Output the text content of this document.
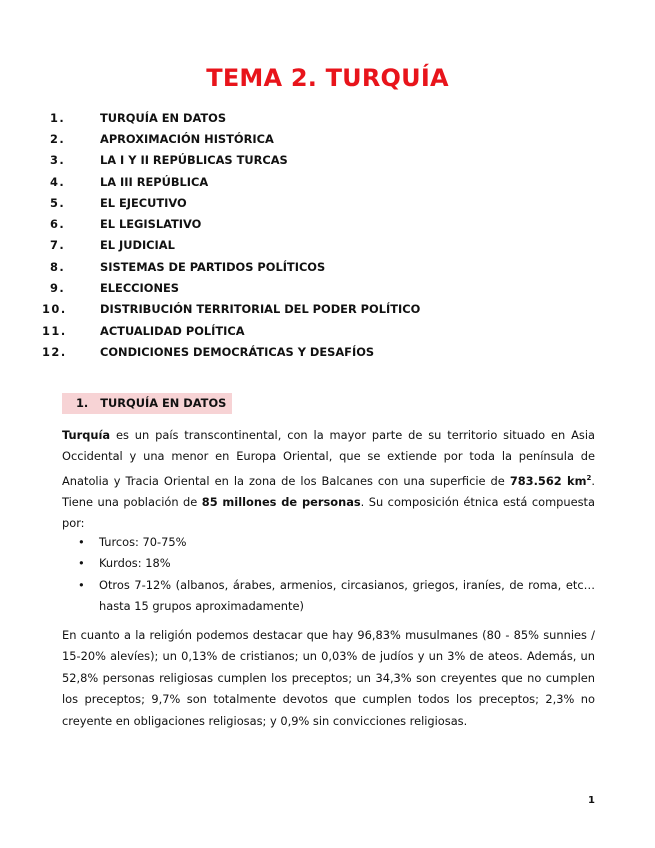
TEMA 2. TURQUÍA
1.	TURQUÍA EN DATOS
2.	APROXIMACIÓN HISTÓRICA
3.	LA I Y II REPÚBLICAS TURCAS
4.	LA III REPÚBLICA
5.	EL EJECUTIVO
6.	EL LEGISLATIVO
7.	EL JUDICIAL
8.	SISTEMAS DE PARTIDOS POLÍTICOS
9.	ELECCIONES
10.	DISTRIBUCIÓN TERRITORIAL DEL PODER POLÍTICO
11.	ACTUALIDAD POLÍTICA
12.	CONDICIONES DEMOCRÁTICAS Y DESAFÍOS
1. TURQUÍA EN DATOS
Turquía es un país transcontinental, con la mayor parte de su territorio situado en Asia Occidental y una menor en Europa Oriental, que se extiende por toda la península de Anatolia y Tracia Oriental en la zona de los Balcanes con una superficie de 783.562 $km^2$. Tiene una población de 85 millones de personas. Su composición étnica está compuesta por:
• Turcos: 70-75%
• Kurdos: 18%
• Otros 7-12% (albanos, árabes, armenios, circasianos, griegos, iraníes, de roma, etc… hasta 15 grupos aproximadamente)
En cuanto a la religión podemos destacar que hay 96,83% musulmanes (80 - 85% sunnies / 15-20% alevíes); un 0,13% de cristianos; un 0,03% de judíos y un 3% de ateos. Además, un 52,8% personas religiosas cumplen los preceptos; un 34,3% son creyentes que no cumplen los preceptos; 9,7% son totalmente devotos que cumplen todos los preceptos; 2,3% no creyente en obligaciones religiosas; y 0,9% sin convicciones religiosas.
1
